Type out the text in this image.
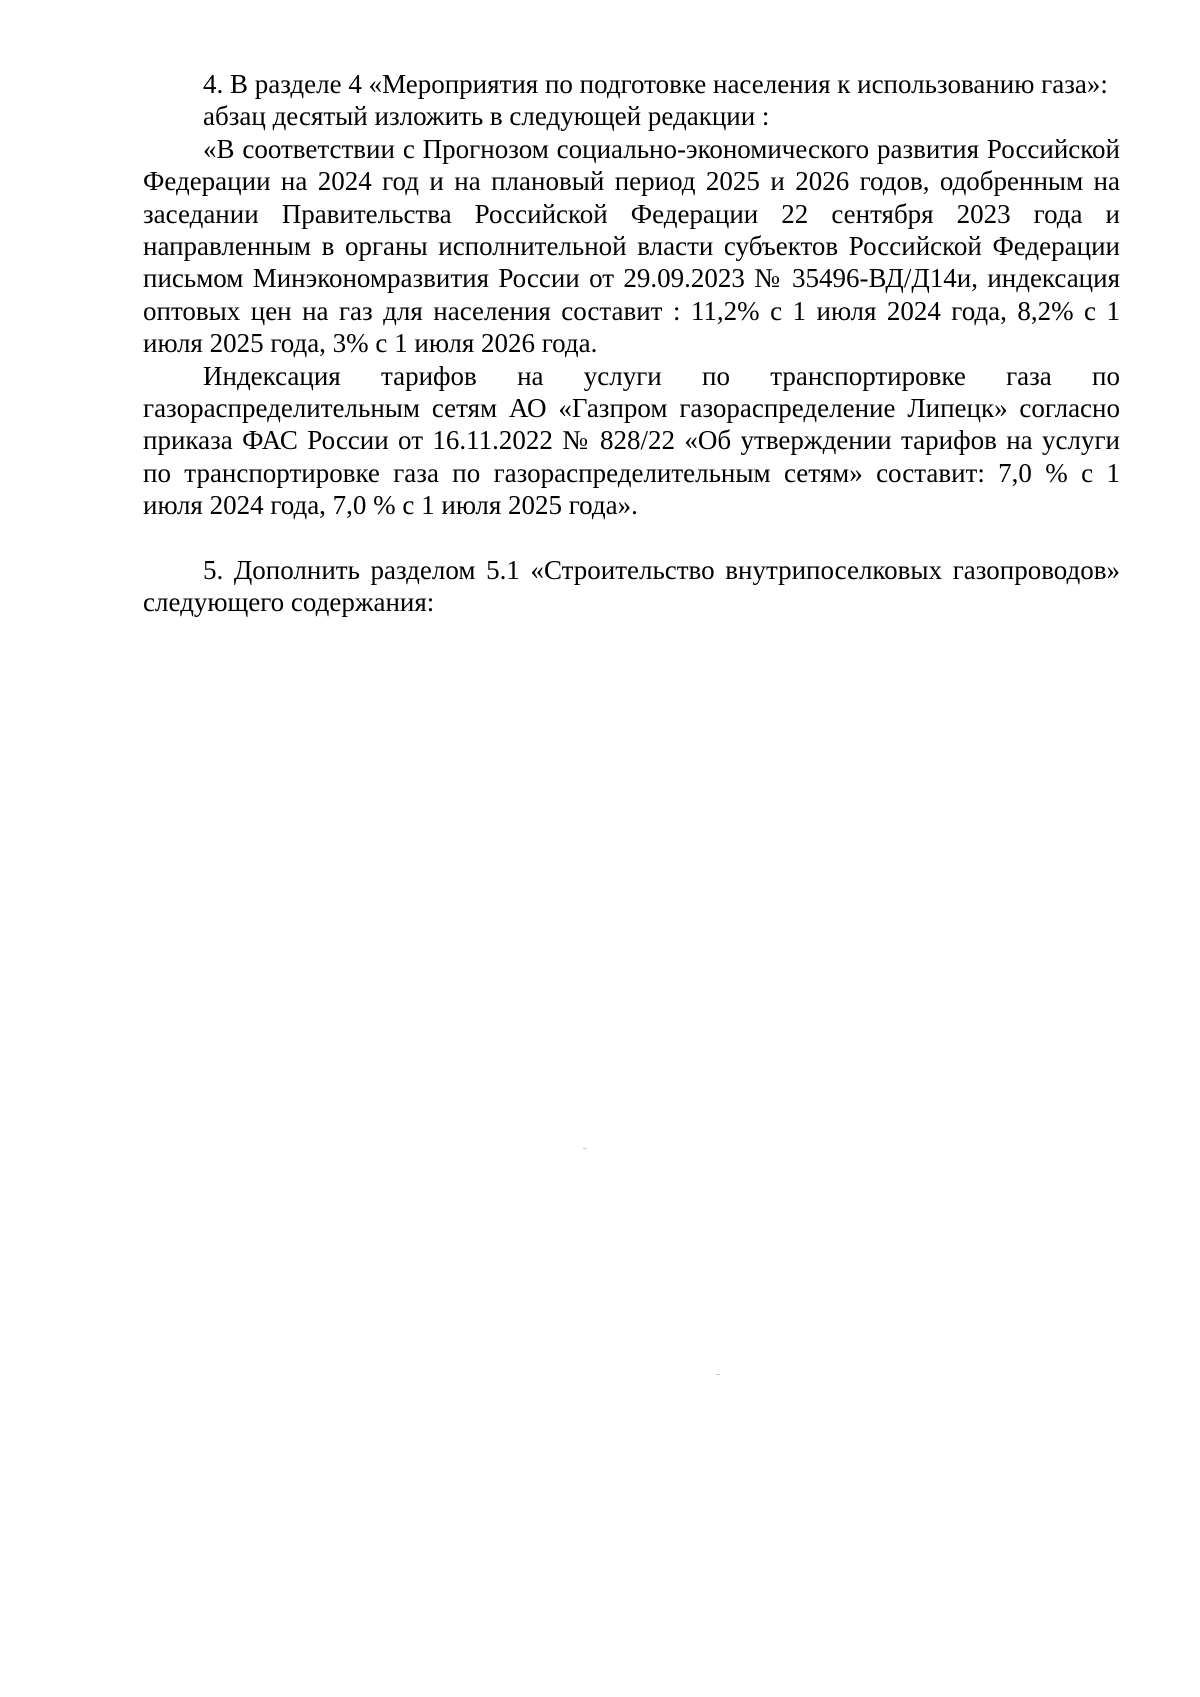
4. В разделе 4 «Мероприятия по подготовке населения к использованию газа»:

абзац десятый изложить в следующей редакции :

«В соответствии с Прогнозом социально-экономического развития Российской Федерации на 2024 год и на плановый период 2025 и 2026 годов, одобренным на заседании Правительства Российской Федерации 22 сентября 2023 года и направленным в органы исполнительной власти субъектов Российской Федерации письмом Минэкономразвития России от 29.09.2023 № 35496-ВД/Д14и, индексация оптовых цен на газ для населения составит : 11,2% с 1 июля 2024 года, 8,2% с 1 июля 2025 года, 3% с 1 июля 2026 года.

Индексация тарифов на услуги по транспортировке газа по газораспределительным сетям АО «Газпром газораспределение Липецк» согласно приказа ФАС России от 16.11.2022 № 828/22 «Об утверждении тарифов на услуги по транспортировке газа по газораспределительным сетям» составит: 7,0 % с 1 июля 2024 года, 7,0 % с 1 июля 2025 года».

5. Дополнить разделом 5.1 «Строительство внутрипоселковых газопроводов» следующего содержания:
